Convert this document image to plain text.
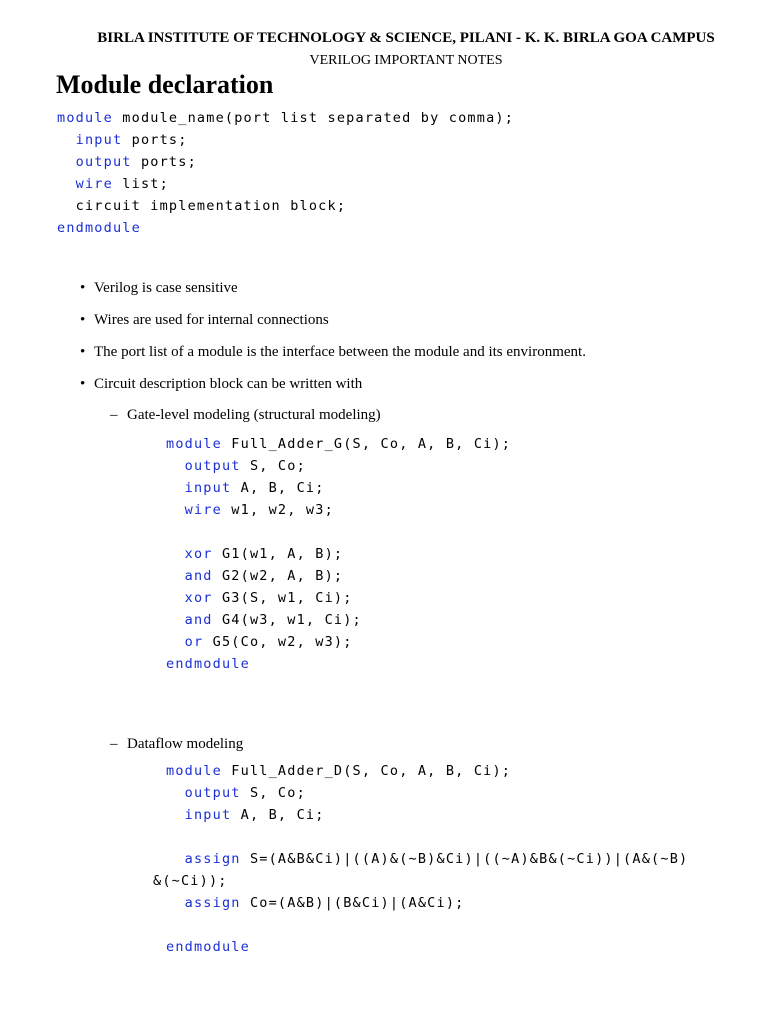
BIRLA INSTITUTE OF TECHNOLOGY & SCIENCE, PILANI - K. K. BIRLA GOA CAMPUS
VERILOG IMPORTANT NOTES
Module declaration
module module_name(port list separated by comma);
input ports;
output ports;
wire list;
circuit implementation block;
endmodule
• Verilog is case sensitive
• Wires are used for internal connections
• The port list of a module is the interface between the module and its environment.
• Circuit description block can be written with
– Gate-level modeling (structural modeling)
module Full_Adder_G(S, Co, A, B, Ci);
output S, Co;
input A, B, Ci;
wire w1, w2, w3;

xor G1(w1, A, B);
and G2(w2, A, B);
xor G3(S, w1, Ci);
and G4(w3, w1, Ci);
or G5(Co, w2, w3);
endmodule
– Dataflow modeling
module Full_Adder_D(S, Co, A, B, Ci);
output S, Co;
input A, B, Ci;

assign S=(A&B&Ci)|((A)&(∼B)&Ci)|((∼A)&B&(∼Ci))|(A&(∼B)
&(∼Ci));
assign Co=(A&B)|(B&Ci)|(A&Ci);

endmodule
